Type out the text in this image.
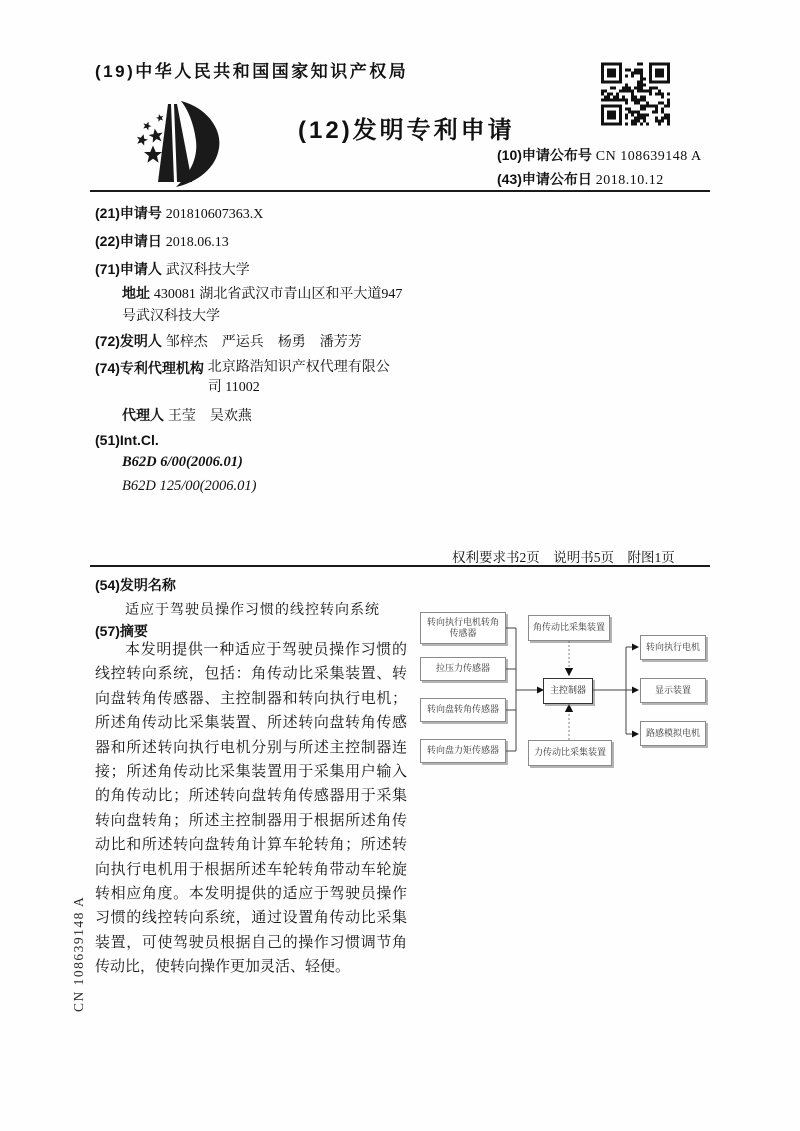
(19)中华人民共和国国家知识产权局
(12)发明专利申请
(10)申请公布号 CN 108639148 A
(43)申请公布日 2018.10.12
(21)申请号 201810607363.X
(22)申请日 2018.06.13
(71)申请人 武汉科技大学
地址 430081 湖北省武汉市青山区和平大道947号武汉科技大学
(72)发明人 邹梓杰　严运兵　杨勇　潘芳芳
(74)专利代理机构 北京路浩知识产权代理有限公司 11002
代理人 王莹　吴欢燕
(51)Int.Cl.
B62D 6/00(2006.01)
B62D 125/00(2006.01)
权利要求书2页　说明书5页　附图1页
(54)发明名称
适应于驾驶员操作习惯的线控转向系统
(57)摘要
本发明提供一种适应于驾驶员操作习惯的线控转向系统，包括：角传动比采集装置、转向盘转角传感器、主控制器和转向执行电机；所述角传动比采集装置、所述转向盘转角传感器和所述转向执行电机分别与所述主控制器连接；所述角传动比采集装置用于采集用户输入的角传动比；所述转向盘转角传感器用于采集转向盘转角；所述主控制器用于根据所述角传动比和所述转向盘转角计算车轮转角；所述转向执行电机用于根据所述车轮转角带动车轮旋转相应角度。本发明提供的适应于驾驶员操作习惯的线控转向系统，通过设置角传动比采集装置，可使驾驶员根据自己的操作习惯调节角传动比，使转向操作更加灵活、轻便。
转向执行电机转角传感器
拉压力传感器
转向盘转角传感器
转向盘力矩传感器
角传动比采集装置
主控制器
力传动比采集装置
转向执行电机
显示装置
路感模拟电机
CN 108639148 A
